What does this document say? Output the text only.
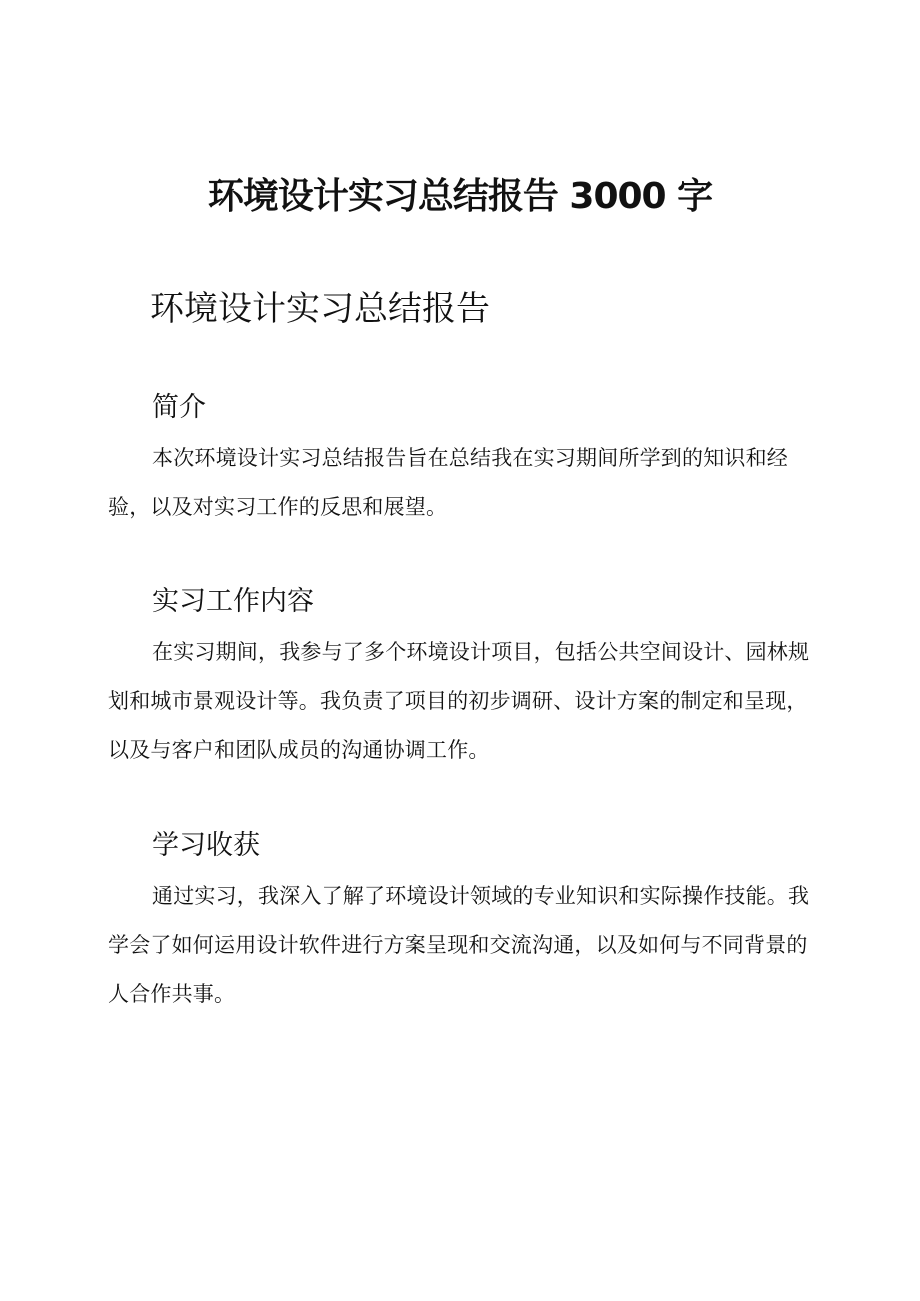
环境设计实习总结报告 3000 字
环境设计实习总结报告
简介

本次环境设计实习总结报告旨在总结我在实习期间所学到的知识和经验，以及对实习工作的反思和展望。

实习工作内容

在实习期间，我参与了多个环境设计项目，包括公共空间设计、园林规划和城市景观设计等。我负责了项目的初步调研、设计方案的制定和呈现，以及与客户和团队成员的沟通协调工作。

学习收获

通过实习，我深入了解了环境设计领域的专业知识和实际操作技能。我学会了如何运用设计软件进行方案呈现和交流沟通，以及如何与不同背景的人合作共事。
